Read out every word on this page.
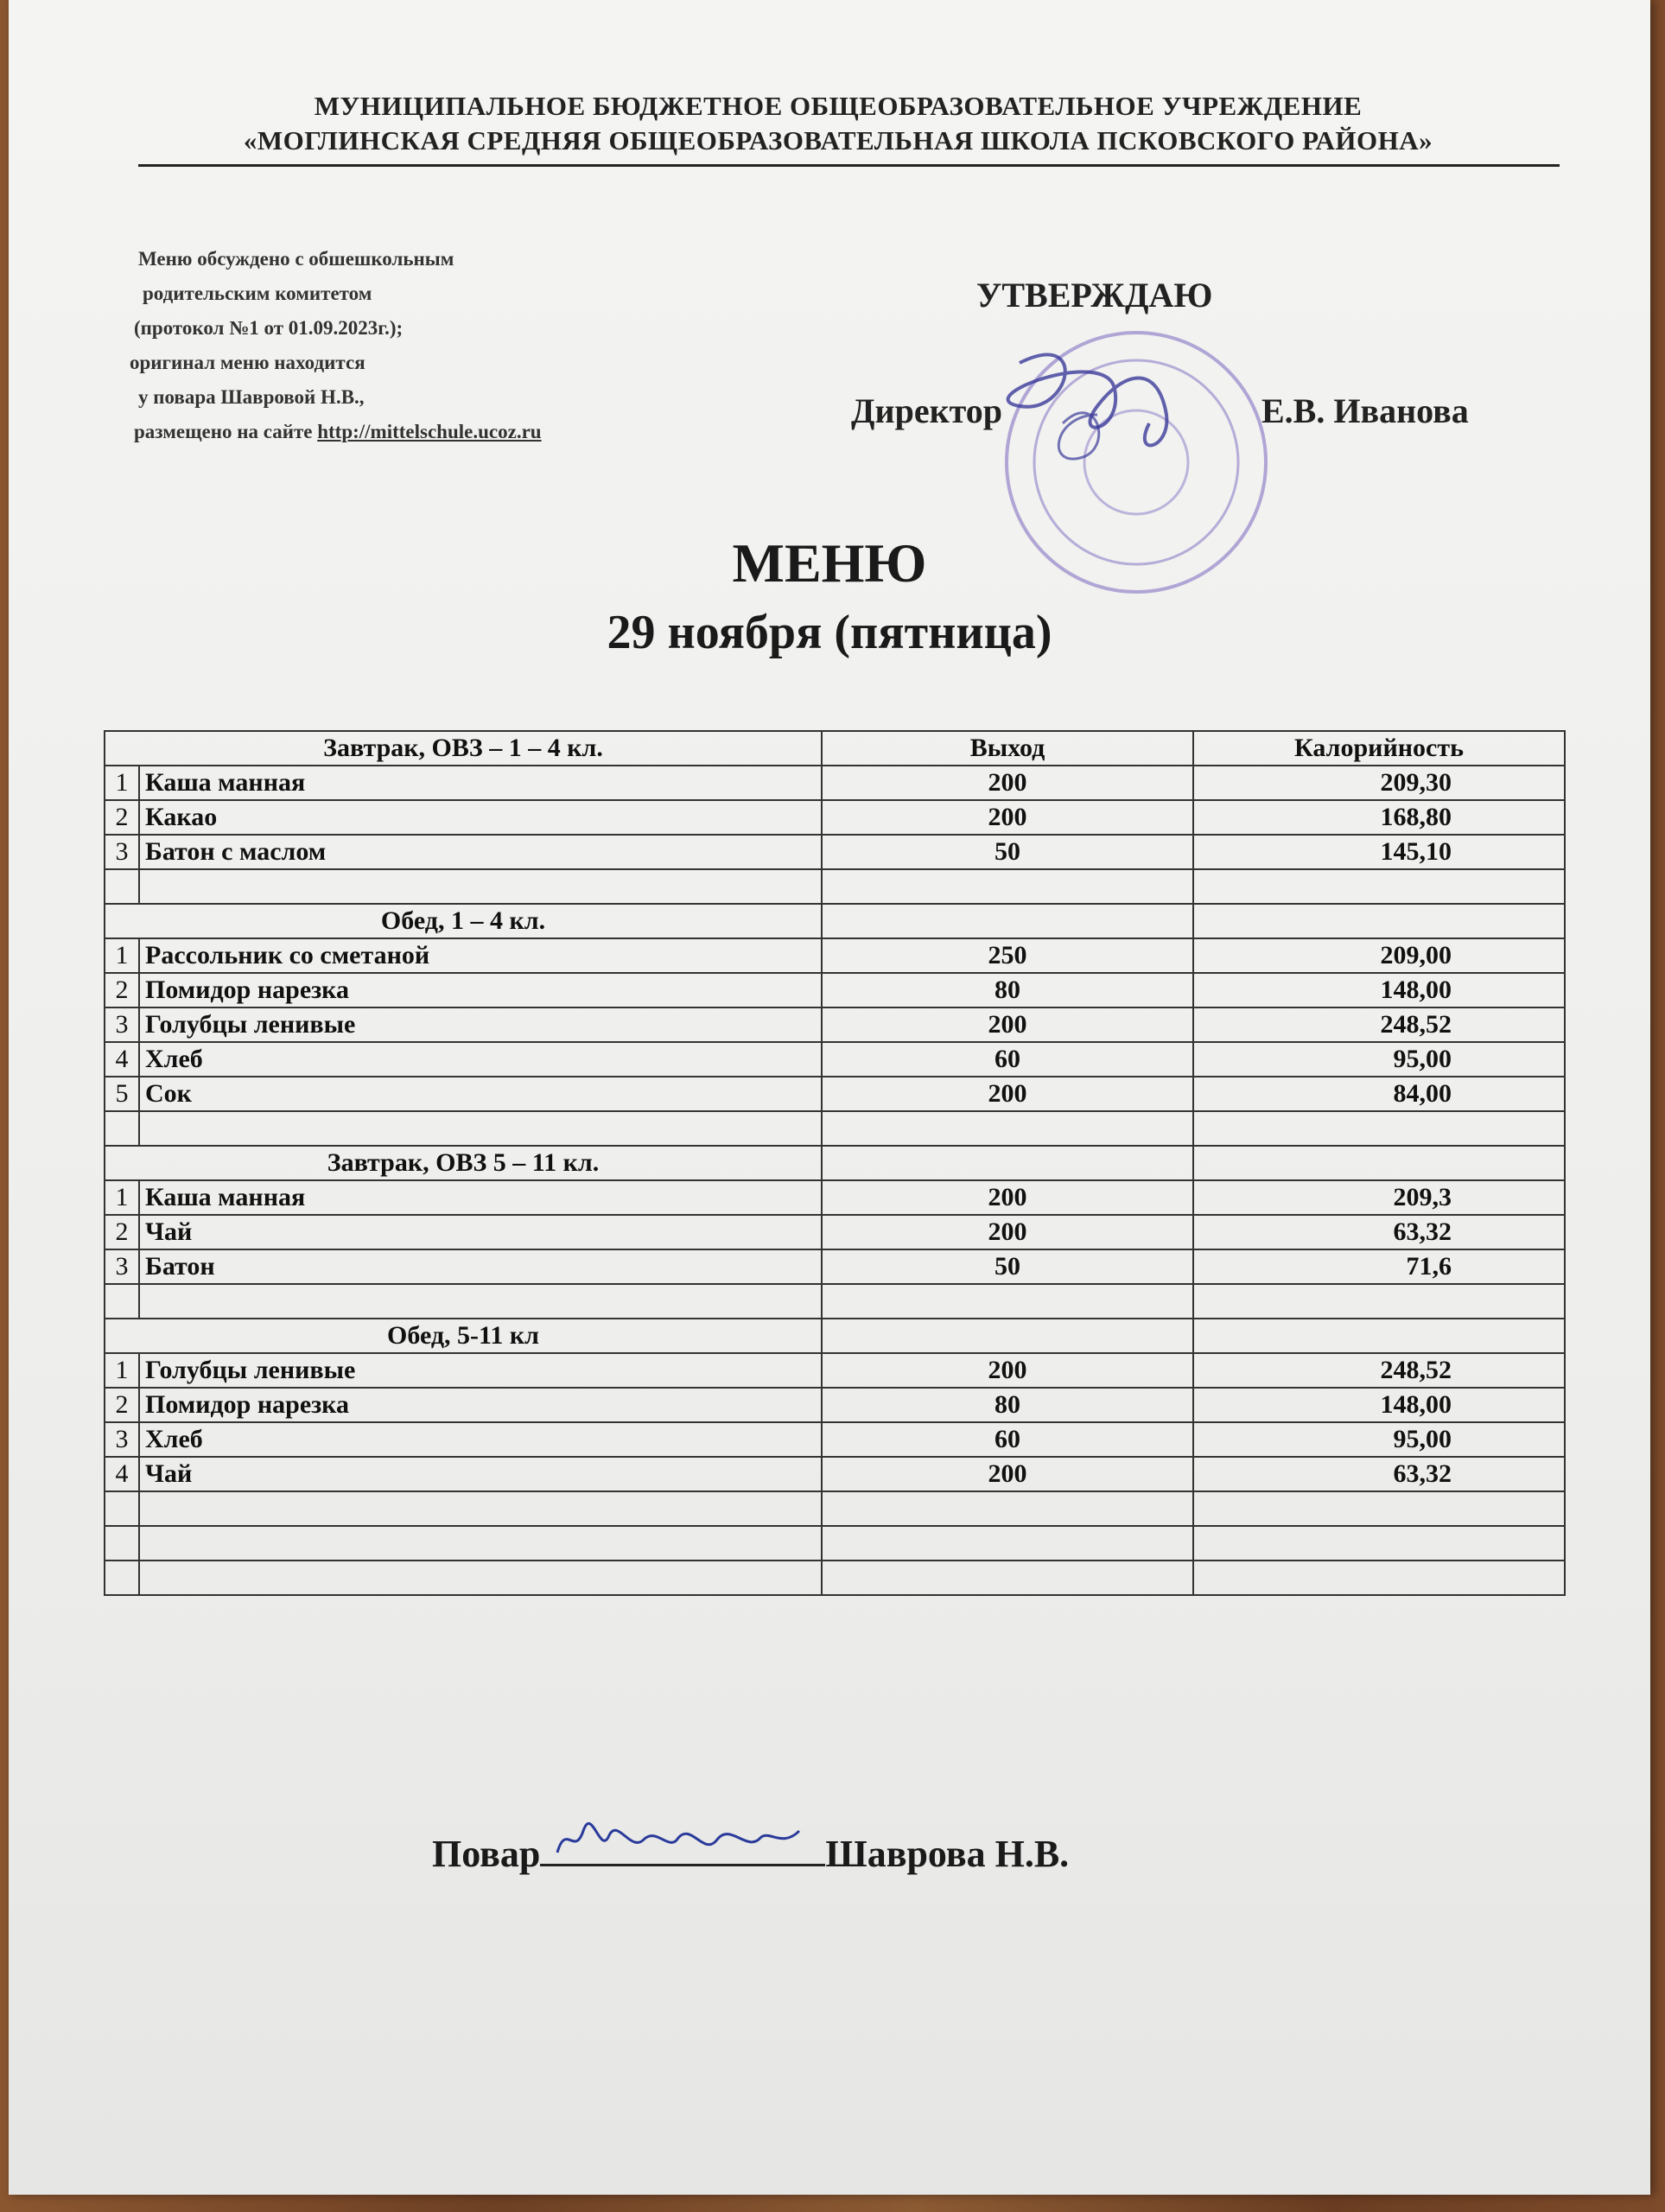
МУНИЦИПАЛЬНОЕ БЮДЖЕТНОЕ ОБЩЕОБРАЗОВАТЕЛЬНОЕ УЧРЕЖДЕНИЕ
«МОГЛИНСКАЯ СРЕДНЯЯ ОБЩЕОБРАЗОВАТЕЛЬНАЯ ШКОЛА ПСКОВСКОГО РАЙОНА»
Меню обсуждено с обшешкольным
родительским комитетом
(протокол №1 от 01.09.2023г.);
оригинал меню находится
у повара Шавровой Н.В.,
размещено на сайте http://mittelschule.ucoz.ru
УТВЕРЖДАЮ
Директор	Е.В. Иванова
МЕНЮ
29 ноября (пятница)
Завтрак, ОВЗ – 1 – 4 кл.		Выход	Калорийность
1	Каша манная	200	209,30
2	Какао	200	168,80
3	Батон с маслом	50	145,10

Обед, 1 – 4 кл.			
1	Рассольник со сметаной	250	209,00
2	Помидор нарезка	80	148,00
3	Голубцы ленивые	200	248,52
4	Хлеб	60	95,00
5	Сок	200	84,00

Завтрак, ОВЗ 5 – 11 кл.			
1	Каша манная	200	209,3
2	Чай	200	63,32
3	Батон	50	71,6

Обед, 5-11 кл			
1	Голубцы ленивые	200	248,52
2	Помидор нарезка	80	148,00
3	Хлеб	60	95,00
4	Чай	200	63,32

Повар	Шаврова Н.В.
